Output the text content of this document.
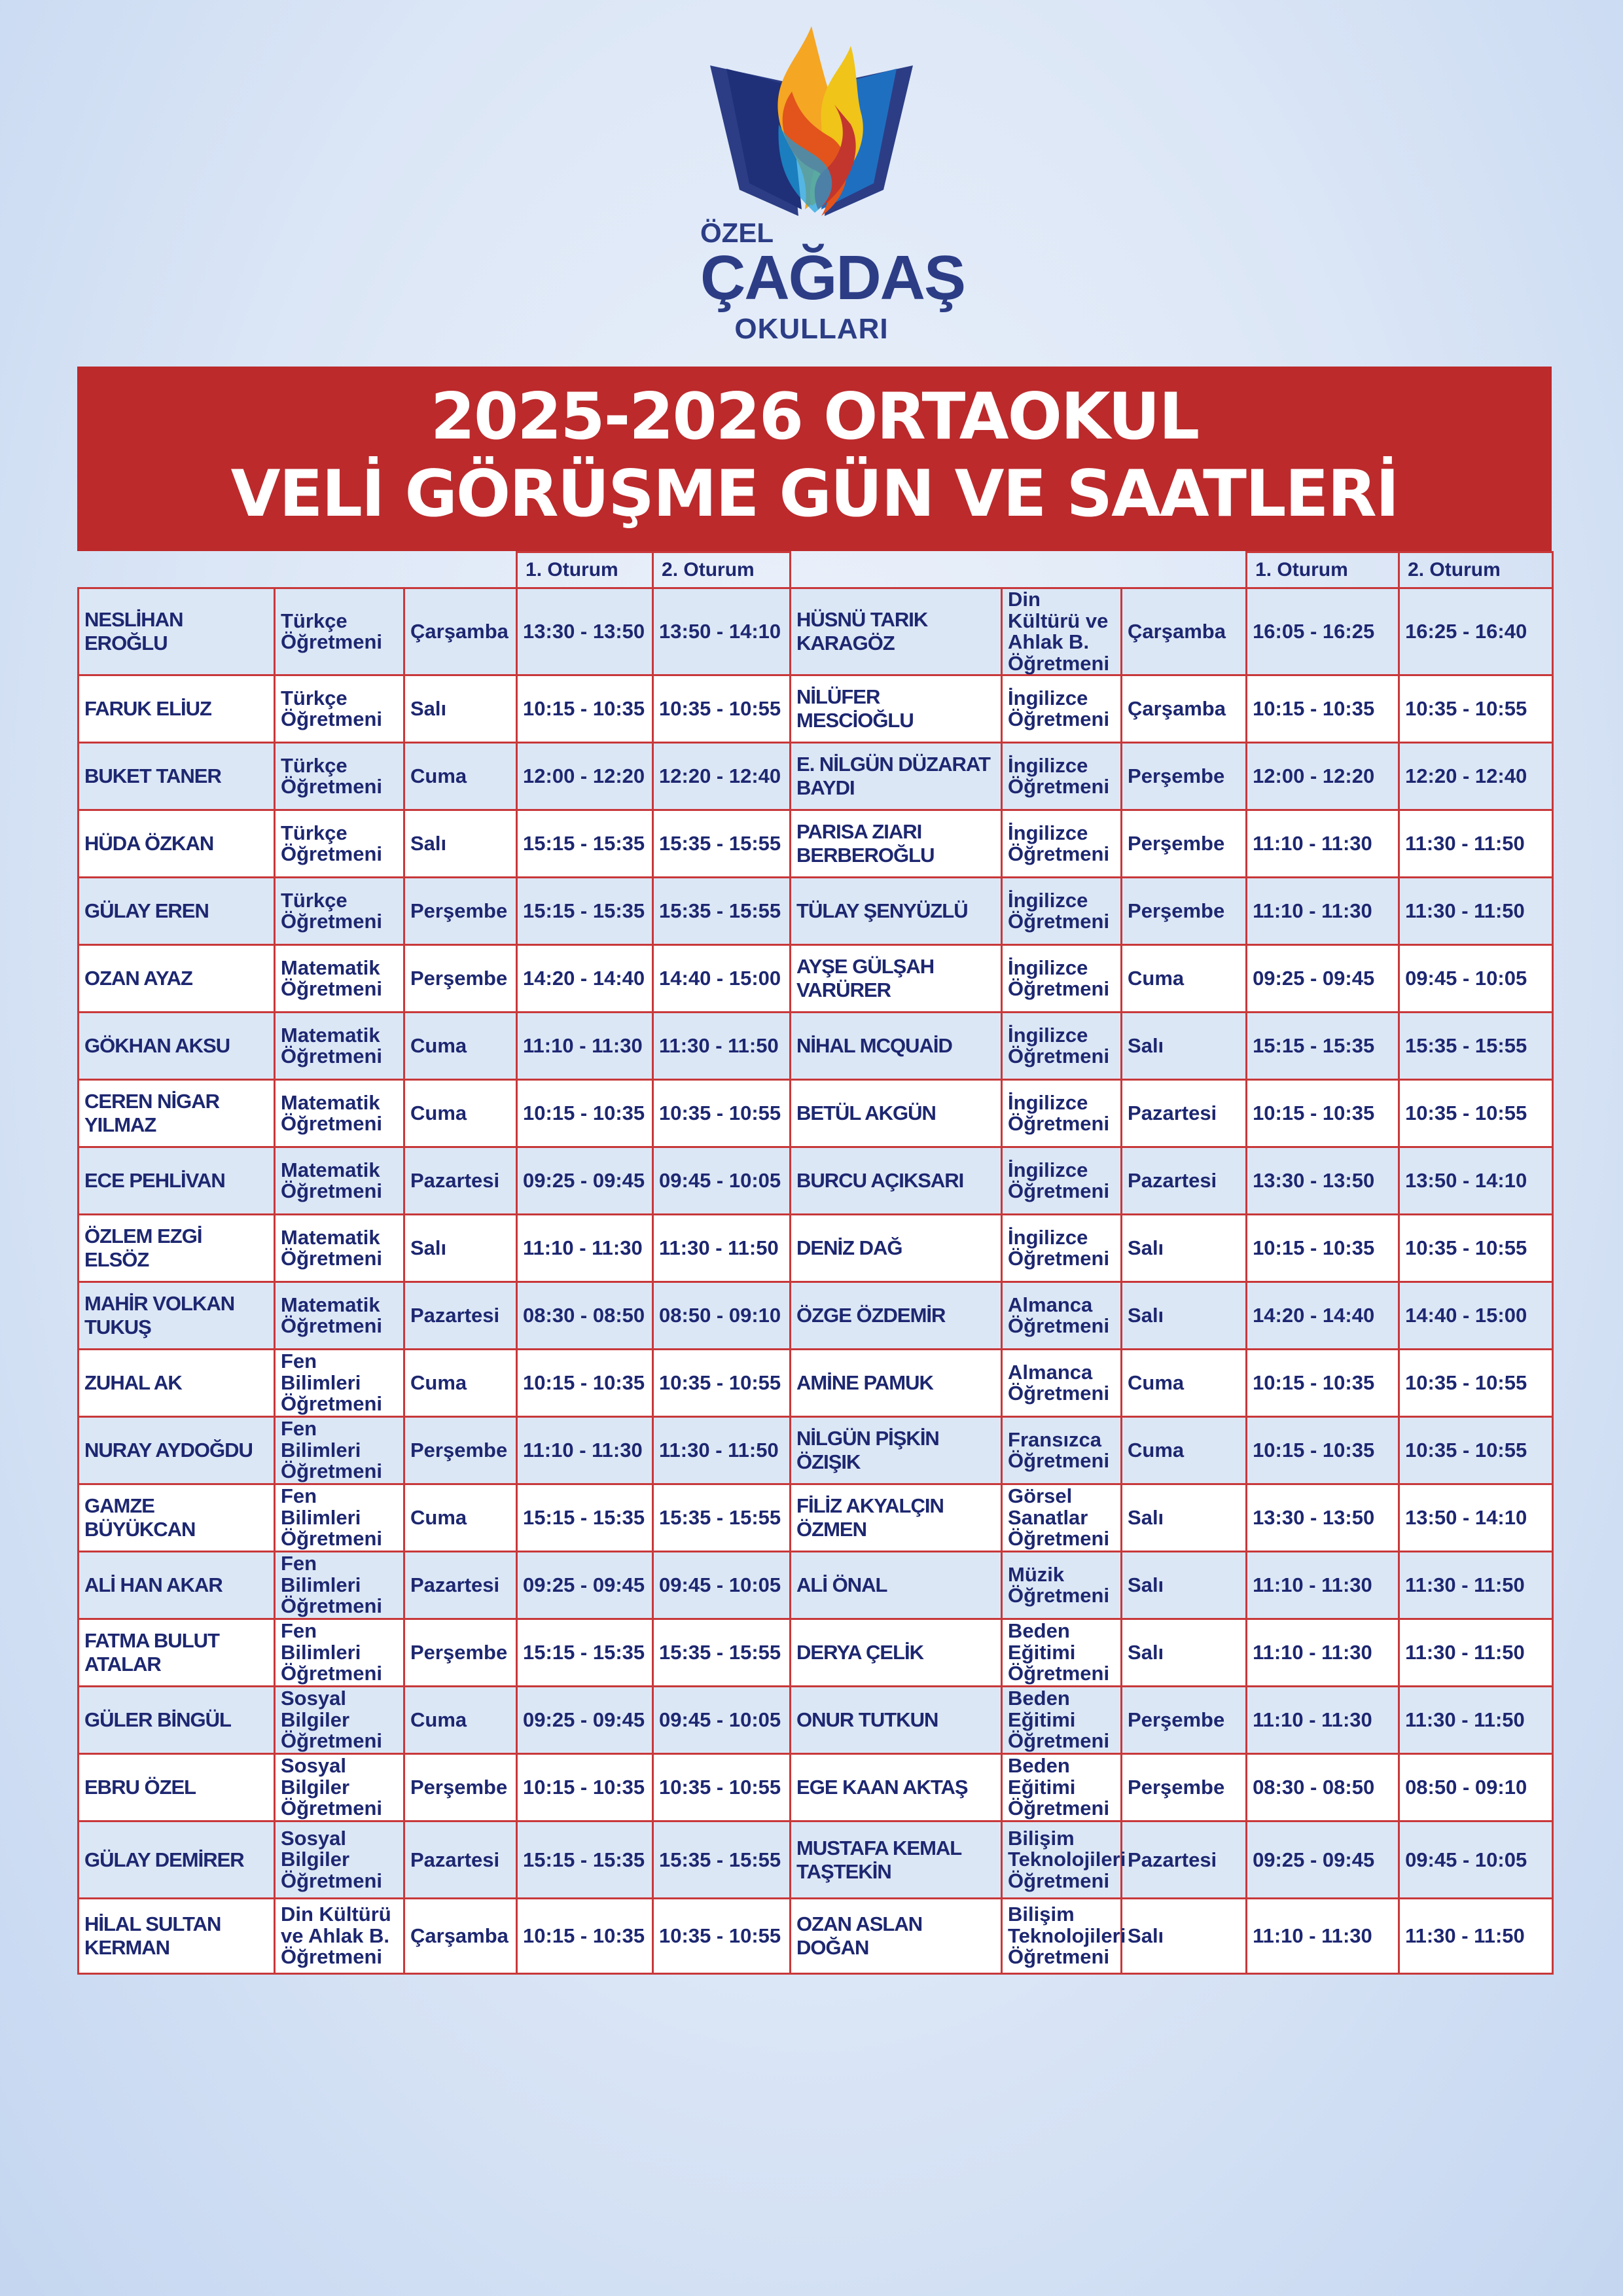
ÖZEL
ÇAĞDAŞ
OKULLARI
2025-2026 ORTAOKUL
VELİ GÖRÜŞME GÜN VE SAATLERİ
			1. Oturum	2. Oturum				1. Oturum	2. Oturum
NESLİHAN EROĞLU	Türkçe Öğretmeni	Çarşamba	13:30 - 13:50	13:50 - 14:10	HÜSNÜ TARIK KARAGÖZ	Din Kültürü ve Ahlak B. Öğretmeni	Çarşamba	16:05 - 16:25	16:25 - 16:40
FARUK ELİUZ	Türkçe Öğretmeni	Salı	10:15 - 10:35	10:35 - 10:55	NİLÜFER MESCİOĞLU	İngilizce Öğretmeni	Çarşamba	10:15 - 10:35	10:35 - 10:55
BUKET TANER	Türkçe Öğretmeni	Cuma	12:00 - 12:20	12:20 - 12:40	E. NİLGÜN DÜZARAT BAYDI	İngilizce Öğretmeni	Perşembe	12:00 - 12:20	12:20 - 12:40
HÜDA ÖZKAN	Türkçe Öğretmeni	Salı	15:15 - 15:35	15:35 - 15:55	PARISA ZIARI BERBEROĞLU	İngilizce Öğretmeni	Perşembe	11:10 - 11:30	11:30 - 11:50
GÜLAY EREN	Türkçe Öğretmeni	Perşembe	15:15 - 15:35	15:35 - 15:55	TÜLAY ŞENYÜZLÜ	İngilizce Öğretmeni	Perşembe	11:10 - 11:30	11:30 - 11:50
OZAN AYAZ	Matematik Öğretmeni	Perşembe	14:20 - 14:40	14:40 - 15:00	AYŞE GÜLŞAH VARÜRER	İngilizce Öğretmeni	Cuma	09:25 - 09:45	09:45 - 10:05
GÖKHAN AKSU	Matematik Öğretmeni	Cuma	11:10 - 11:30	11:30 - 11:50	NİHAL MCQUAİD	İngilizce Öğretmeni	Salı	15:15 - 15:35	15:35 - 15:55
CEREN NİGAR YILMAZ	Matematik Öğretmeni	Cuma	10:15 - 10:35	10:35 - 10:55	BETÜL AKGÜN	İngilizce Öğretmeni	Pazartesi	10:15 - 10:35	10:35 - 10:55
ECE PEHLİVAN	Matematik Öğretmeni	Pazartesi	09:25 - 09:45	09:45 - 10:05	BURCU AÇIKSARI	İngilizce Öğretmeni	Pazartesi	13:30 - 13:50	13:50 - 14:10
ÖZLEM EZGİ ELSÖZ	Matematik Öğretmeni	Salı	11:10 - 11:30	11:30 - 11:50	DENİZ DAĞ	İngilizce Öğretmeni	Salı	10:15 - 10:35	10:35 - 10:55
MAHİR VOLKAN TUKUŞ	Matematik Öğretmeni	Pazartesi	08:30 - 08:50	08:50 - 09:10	ÖZGE ÖZDEMİR	Almanca Öğretmeni	Salı	14:20 - 14:40	14:40 - 15:00
ZUHAL AK	Fen Bilimleri Öğretmeni	Cuma	10:15 - 10:35	10:35 - 10:55	AMİNE PAMUK	Almanca Öğretmeni	Cuma	10:15 - 10:35	10:35 - 10:55
NURAY AYDOĞDU	Fen Bilimleri Öğretmeni	Perşembe	11:10 - 11:30	11:30 - 11:50	NİLGÜN PİŞKİN ÖZIŞIK	Fransızca Öğretmeni	Cuma	10:15 - 10:35	10:35 - 10:55
GAMZE BÜYÜKCAN	Fen Bilimleri Öğretmeni	Cuma	15:15 - 15:35	15:35 - 15:55	FİLİZ AKYALÇIN ÖZMEN	Görsel Sanatlar Öğretmeni	Salı	13:30 - 13:50	13:50 - 14:10
ALİ HAN AKAR	Fen Bilimleri Öğretmeni	Pazartesi	09:25 - 09:45	09:45 - 10:05	ALİ ÖNAL	Müzik Öğretmeni	Salı	11:10 - 11:30	11:30 - 11:50
FATMA BULUT ATALAR	Fen Bilimleri Öğretmeni	Perşembe	15:15 - 15:35	15:35 - 15:55	DERYA ÇELİK	Beden Eğitimi Öğretmeni	Salı	11:10 - 11:30	11:30 - 11:50
GÜLER BİNGÜL	Sosyal Bilgiler Öğretmeni	Cuma	09:25 - 09:45	09:45 - 10:05	ONUR TUTKUN	Beden Eğitimi Öğretmeni	Perşembe	11:10 - 11:30	11:30 - 11:50
EBRU ÖZEL	Sosyal Bilgiler Öğretmeni	Perşembe	10:15 - 10:35	10:35 - 10:55	EGE KAAN AKTAŞ	Beden Eğitimi Öğretmeni	Perşembe	08:30 - 08:50	08:50 - 09:10
GÜLAY DEMİRER	Sosyal Bilgiler Öğretmeni	Pazartesi	15:15 - 15:35	15:35 - 15:55	MUSTAFA KEMAL TAŞTEKİN	Bilişim Teknolojileri Öğretmeni	Pazartesi	09:25 - 09:45	09:45 - 10:05
HİLAL SULTAN KERMAN	Din Kültürü ve Ahlak B. Öğretmeni	Çarşamba	10:15 - 10:35	10:35 - 10:55	OZAN ASLAN DOĞAN	Bilişim Teknolojileri Öğretmeni	Salı	11:10 - 11:30	11:30 - 11:50
